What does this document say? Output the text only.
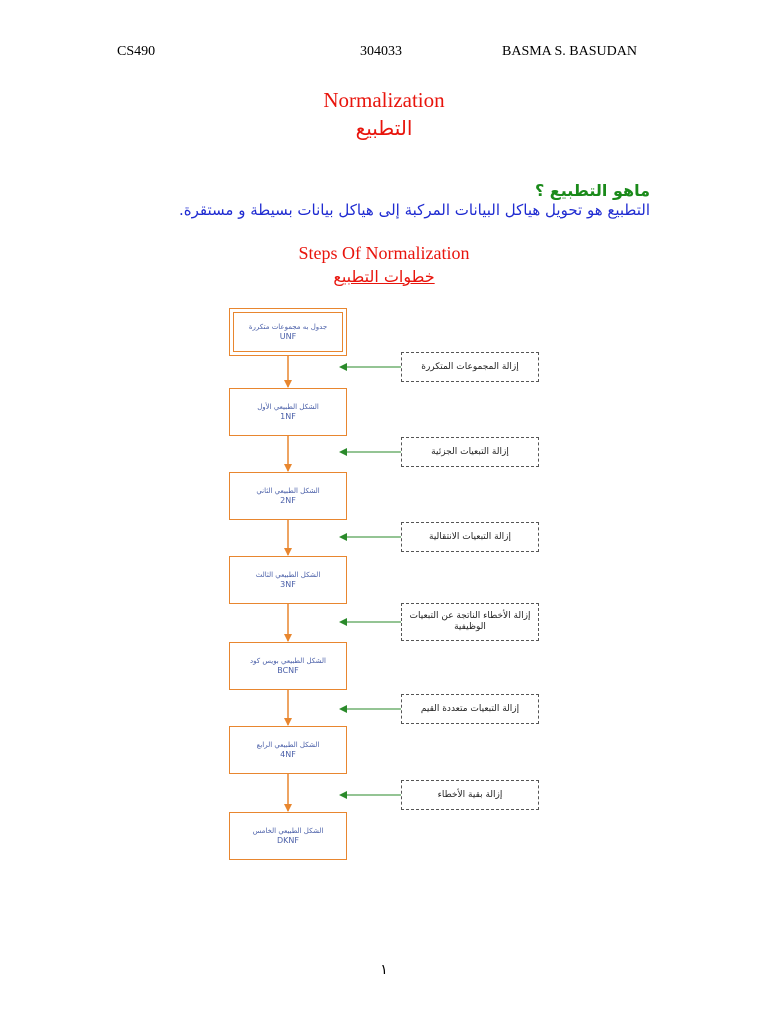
CS490	304033	BASMA S. BASUDAN
Normalization
التطبيع
ماهو التطبيع ؟
التطبيع هو تحويل هياكل البيانات المركبة إلى هياكل بيانات بسيطة و مستقرة.
Steps Of Normalization
خطوات التطبيع
جدول به مجموعات متكررة
UNF
الشكل الطبيعي الأول
1NF
الشكل الطبيعي الثاني
2NF
الشكل الطبيعي الثالث
3NF
الشكل الطبيعي بويس كود
BCNF
الشكل الطبيعي الرابع
4NF
الشكل الطبيعي الخامس
DKNF
إزالة المجموعات المتكررة
إزالة التبعيات الجزئية
إزالة التبعيات الانتقالية
إزالة الأخطاء الناتجة عن التبعيات الوظيفية
إزالة التبعيات متعددة القيم
إزالة بقية الأخطاء
١
